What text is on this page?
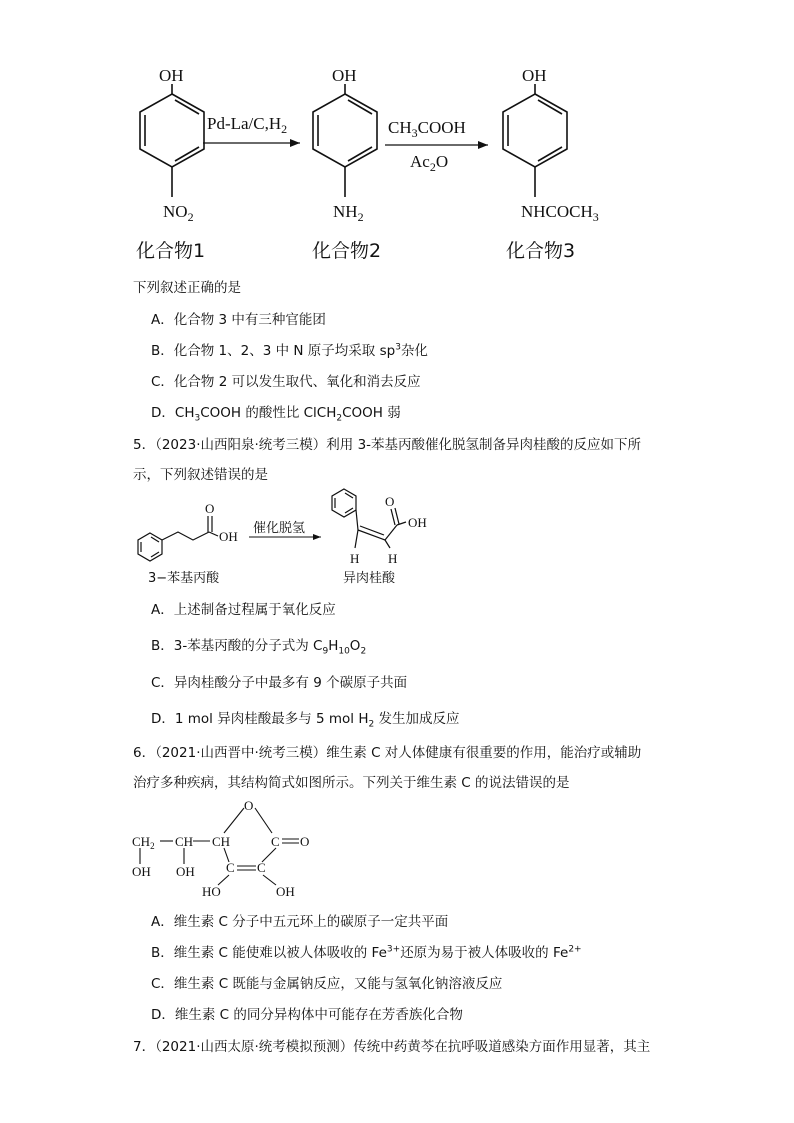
OH
$NO_2$
$Pd-La/C,H_2$
OH
$NH_2$
$CH_3COOH$
$Ac_2O$
OH
$NHCOCH_3$
化合物1	化合物2	化合物3
下列叙述正确的是
A．化合物 3 中有三种官能团
B．化合物 1、2、3 中 N 原子均采取 $sp^3$杂化
C．化合物 2 可以发生取代、氧化和消去反应
D．$CH_3COOH$ 的酸性比 ClCH$_2$COOH 弱
5．（2023·山西阳泉·统考三模）利用 3-苯基丙酸催化脱氢制备异肉桂酸的反应如下所
示，下列叙述错误的是
O
OH
O
OH
H H
催化脱氢
3−苯基丙酸	异肉桂酸
A．上述制备过程属于氧化反应
B．3-苯基丙酸的分子式为 $C_9H_{10}O_2$
C．异肉桂酸分子中最多有 9 个碳原子共面
D．1 mol 异肉桂酸最多与 5 mol $H_2$ 发生加成反应
6．（2021·山西晋中·统考三模）维生素 C 对人体健康有很重要的作用，能治疗或辅助
治疗多种疾病，其结构简式如图所示。下列关于维生素 C 的说法错误的是
O
$CH_2$ CH CH	C O
C C
OH OH
HO	OH
A．维生素 C 分子中五元环上的碳原子一定共平面
B．维生素 C 能使难以被人体吸收的 $Fe^{3+}$还原为易于被人体吸收的 $Fe^{2+}$
C．维生素 C 既能与金属钠反应，又能与氢氧化钠溶液反应
D．维生素 C 的同分异构体中可能存在芳香族化合物
7．（2021·山西太原·统考模拟预测）传统中药黄芩在抗呼吸道感染方面作用显著，其主
